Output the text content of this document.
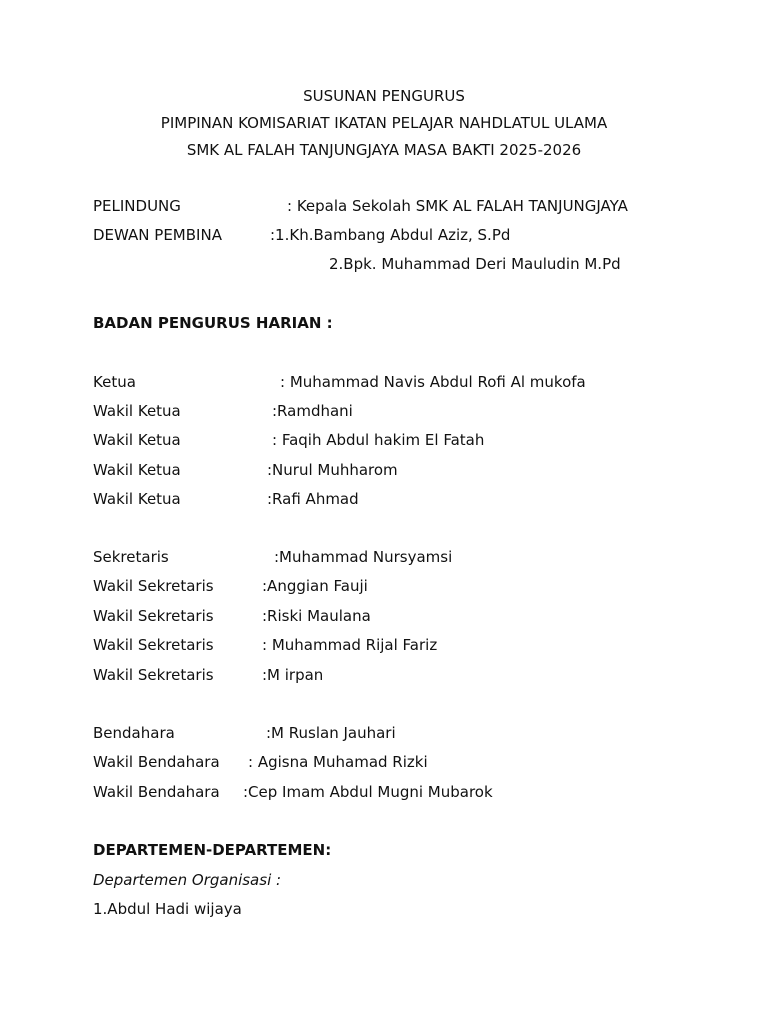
SUSUNAN PENGURUS
PIMPINAN KOMISARIAT IKATAN PELAJAR NAHDLATUL ULAMA
SMK AL FALAH TANJUNGJAYA MASA BAKTI 2025-2026
PELINDUNG	: Kepala Sekolah SMK AL FALAH TANJUNGJAYA
DEWAN PEMBINA	:1.Kh.Bambang Abdul Aziz, S.Pd
2.Bpk. Muhammad Deri Mauludin M.Pd
BADAN PENGURUS HARIAN :
Ketua	: Muhammad Navis Abdul Rofi Al mukofa
Wakil Ketua	:Ramdhani
Wakil Ketua	: Faqih Abdul hakim El Fatah
Wakil Ketua	:Nurul Muhharom
Wakil Ketua	:Rafi Ahmad
Sekretaris	:Muhammad Nursyamsi
Wakil Sekretaris	:Anggian Fauji
Wakil Sekretaris	:Riski Maulana
Wakil Sekretaris	: Muhammad Rijal Fariz
Wakil Sekretaris	:M irpan
Bendahara	:M Ruslan Jauhari
Wakil Bendahara : Agisna Muhamad Rizki
Wakil Bendahara :Cep Imam Abdul Mugni Mubarok
DEPARTEMEN-DEPARTEMEN:
Departemen Organisasi :
1.Abdul Hadi wijaya
